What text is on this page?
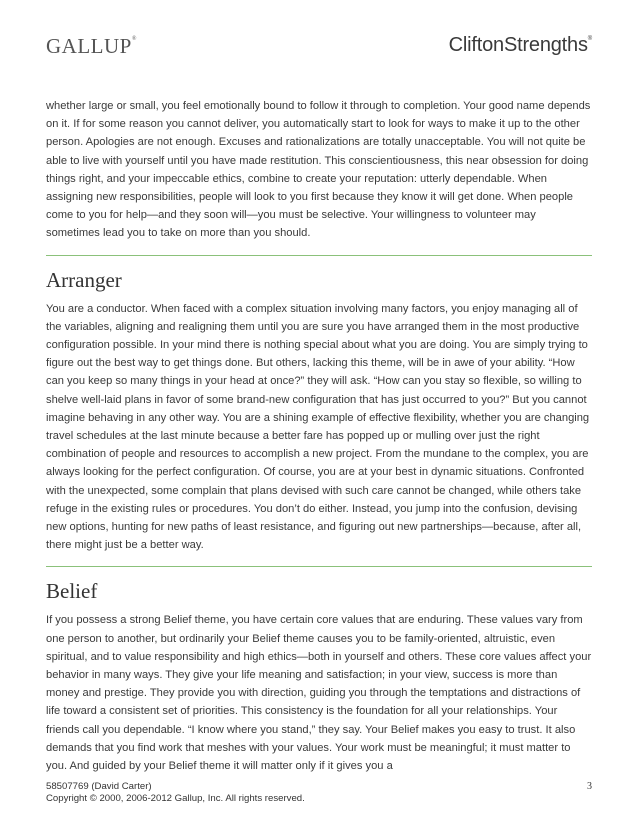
GALLUP®	CliftonStrengths®

whether large or small, you feel emotionally bound to follow it through to completion. Your good name depends on it. If for some reason you cannot deliver, you automatically start to look for ways to make it up to the other person. Apologies are not enough. Excuses and rationalizations are totally unacceptable. You will not quite be able to live with yourself until you have made restitution. This conscientiousness, this near obsession for doing things right, and your impeccable ethics, combine to create your reputation: utterly dependable. When assigning new responsibilities, people will look to you first because they know it will get done. When people come to you for help—and they soon will—you must be selective. Your willingness to volunteer may sometimes lead you to take on more than you should.

Arranger

You are a conductor. When faced with a complex situation involving many factors, you enjoy managing all of the variables, aligning and realigning them until you are sure you have arranged them in the most productive configuration possible. In your mind there is nothing special about what you are doing. You are simply trying to figure out the best way to get things done. But others, lacking this theme, will be in awe of your ability. “How can you keep so many things in your head at once?” they will ask. “How can you stay so flexible, so willing to shelve well-laid plans in favor of some brand-new configuration that has just occurred to you?” But you cannot imagine behaving in any other way. You are a shining example of effective flexibility, whether you are changing travel schedules at the last minute because a better fare has popped up or mulling over just the right combination of people and resources to accomplish a new project. From the mundane to the complex, you are always looking for the perfect configuration. Of course, you are at your best in dynamic situations. Confronted with the unexpected, some complain that plans devised with such care cannot be changed, while others take refuge in the existing rules or procedures. You don’t do either. Instead, you jump into the confusion, devising new options, hunting for new paths of least resistance, and figuring out new partnerships—because, after all, there might just be a better way.

Belief

If you possess a strong Belief theme, you have certain core values that are enduring. These values vary from one person to another, but ordinarily your Belief theme causes you to be family-oriented, altruistic, even spiritual, and to value responsibility and high ethics—both in yourself and others. These core values affect your behavior in many ways. They give your life meaning and satisfaction; in your view, success is more than money and prestige. They provide you with direction, guiding you through the temptations and distractions of life toward a consistent set of priorities. This consistency is the foundation for all your relationships. Your friends call you dependable. “I know where you stand,” they say. Your Belief makes you easy to trust. It also demands that you find work that meshes with your values. Your work must be meaningful; it must matter to you. And guided by your Belief theme it will matter only if it gives you a

58507769 (David Carter)
Copyright © 2000, 2006-2012 Gallup, Inc. All rights reserved.
3
